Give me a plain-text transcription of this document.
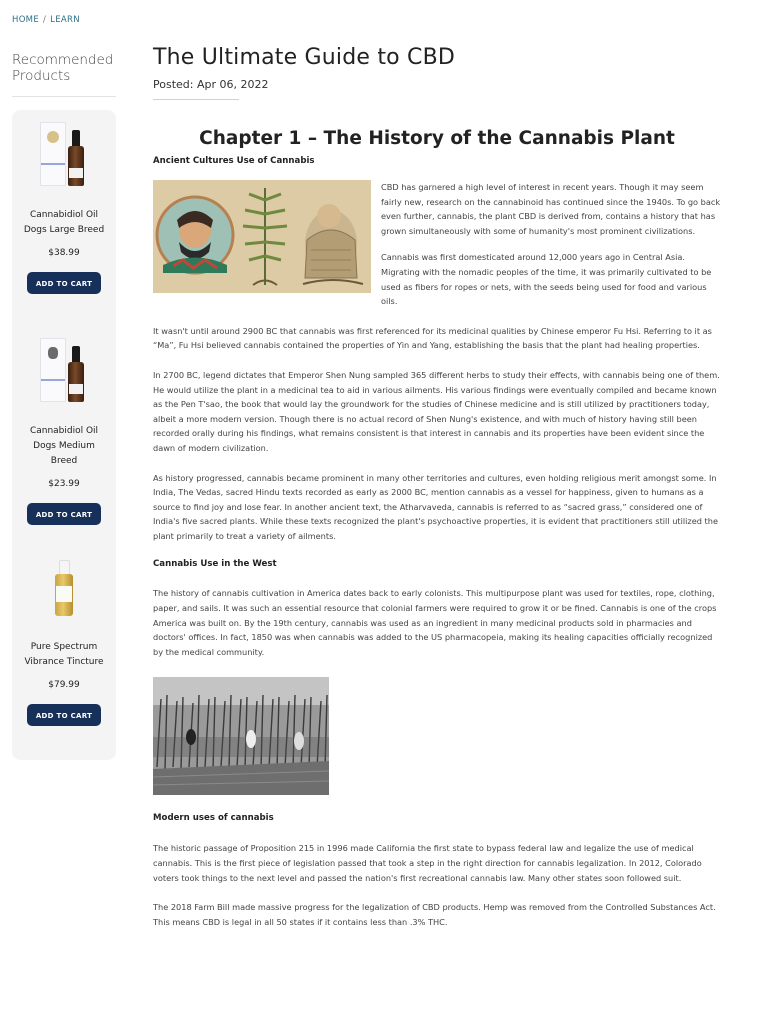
HOME / LEARN
Recommended Products
Cannabidiol Oil Dogs Large Breed
$38.99
ADD TO CART
Cannabidiol Oil Dogs Medium Breed
$23.99
ADD TO CART
Pure Spectrum Vibrance Tincture
$79.99
ADD TO CART
The Ultimate Guide to CBD
Posted: Apr 06, 2022
Chapter 1 – The History of the Cannabis Plant
Ancient Cultures Use of Cannabis

CBD has garnered a high level of interest in recent years. Though it may seem fairly new, research on the cannabinoid has continued since the 1940s. To go back even further, cannabis, the plant CBD is derived from, contains a history that has grown simultaneously with some of humanity's most prominent civilizations.

Cannabis was first domesticated around 12,000 years ago in Central Asia. Migrating with the nomadic peoples of the time, it was primarily cultivated to be used as fibers for ropes or nets, with the seeds being used for food and various oils.

It wasn't until around 2900 BC that cannabis was first referenced for its medicinal qualities by Chinese emperor Fu Hsi. Referring to it as “Ma”, Fu Hsi believed cannabis contained the properties of Yin and Yang, establishing the basis that the plant had healing properties.

In 2700 BC, legend dictates that Emperor Shen Nung sampled 365 different herbs to study their effects, with cannabis being one of them. He would utilize the plant in a medicinal tea to aid in various ailments. His various findings were eventually compiled and became known as the Pen T'sao, the book that would lay the groundwork for the studies of Chinese medicine and is still utilized by practitioners today, albeit a more modern version. Though there is no actual record of Shen Nung's existence, and with much of history having still been recorded orally during his findings, what remains consistent is that interest in cannabis and its properties have been evident since the dawn of modern civilization.

As history progressed, cannabis became prominent in many other territories and cultures, even holding religious merit amongst some. In India, The Vedas, sacred Hindu texts recorded as early as 2000 BC, mention cannabis as a vessel for happiness, given to humans as a source to find joy and lose fear. In another ancient text, the Atharvaveda, cannabis is referred to as “sacred grass,” considered one of India's five sacred plants. While these texts recognized the plant's psychoactive properties, it is evident that practitioners still utilized the plant primarily to treat a variety of ailments.

Cannabis Use in the West

The history of cannabis cultivation in America dates back to early colonists. This multipurpose plant was used for textiles, rope, clothing, paper, and sails. It was such an essential resource that colonial farmers were required to grow it or be fined. Cannabis is one of the crops America was built on. By the 19th century, cannabis was used as an ingredient in many medicinal products sold in pharmacies and doctors' offices. In fact, 1850 was when cannabis was added to the US pharmacopeia, making its healing capacities officially recognized by the medical community.

Modern uses of cannabis

The historic passage of Proposition 215 in 1996 made California the first state to bypass federal law and legalize the use of medical cannabis. This is the first piece of legislation passed that took a step in the right direction for cannabis legalization. In 2012, Colorado voters took things to the next level and passed the nation's first recreational cannabis law. Many other states soon followed suit.

The 2018 Farm Bill made massive progress for the legalization of CBD products. Hemp was removed from the Controlled Substances Act. This means CBD is legal in all 50 states if it contains less than .3% THC.
